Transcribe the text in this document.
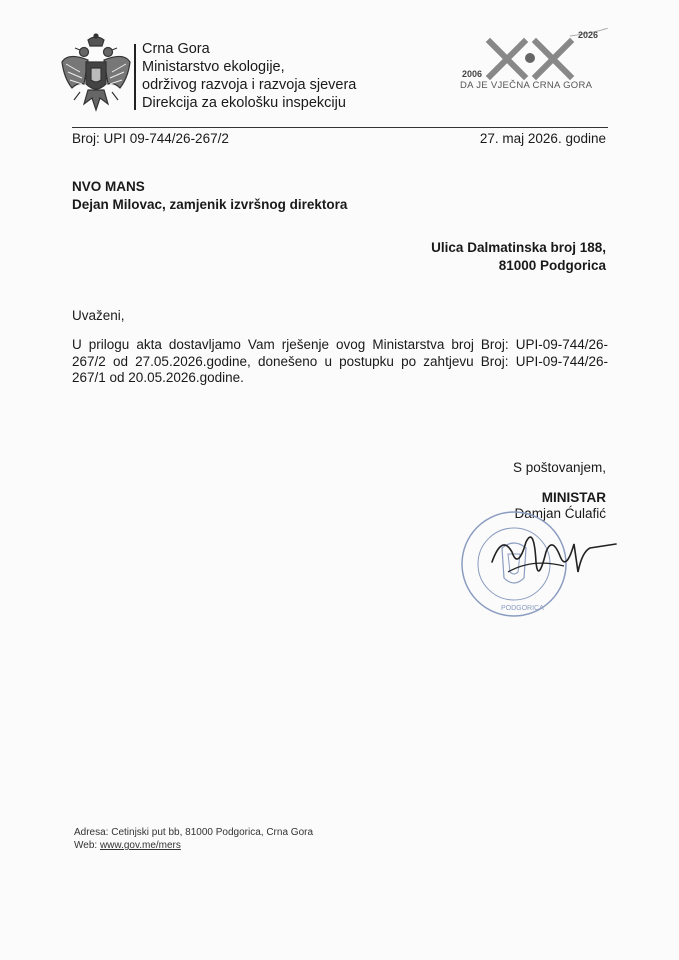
Crna Gora
Ministarstvo ekologije,
održivog razvoja i razvoja sjevera
Direkcija za ekološku inspekciju
2006
2026
DA JE VJEČNA CRNA GORA
Broj: UPI 09-744/26-267/2	27. maj 2026. godine
NVO MANS
Dejan Milovac, zamjenik izvršnog direktora
Ulica Dalmatinska broj 188,
81000 Podgorica
Uvaženi,
U prilogu akta dostavljamo Vam rješenje ovog Ministarstva broj Broj: UPI-09-744/26-267/2 od 27.05.2026.godine, donešeno u postupku po zahtjevu Broj: UPI-09-744/26-267/1 od 20.05.2026.godine.
S poštovanjem,
MINISTAR
Damjan Ćulafić
PODGORICA
Adresa: Cetinjski put bb, 81000 Podgorica, Crna Gora
Web: www.gov.me/mers
